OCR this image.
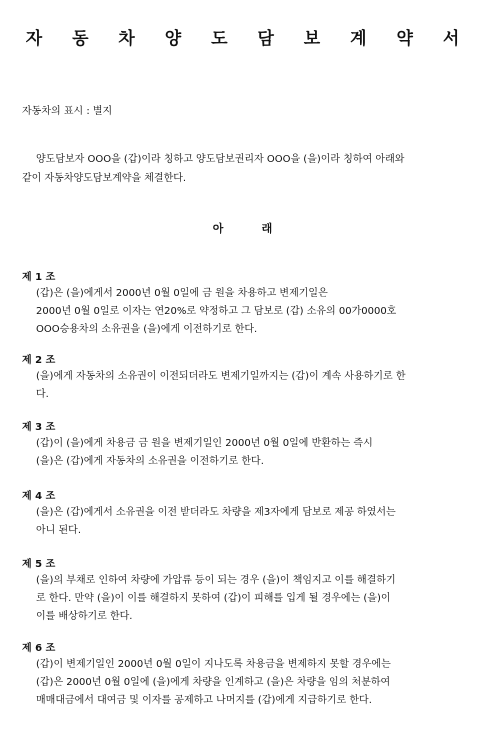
자 동 차 양 도 담 보 계 약 서
자동차의 표시 : 별지
양도담보자 OOO을 (갑)이라 칭하고 양도담보권리자 OOO을 (을)이라 칭하여 아래와
같이 자동차양도담보계약을 체결한다.
아          래
제 1 조
(갑)은 (을)에게서 2000년 0월 0일에 금 원을 차용하고 변제기일은
2000년 0월 0일로 이자는 연20%로 약정하고 그 담보로 (갑) 소유의 00가0000호
OOO승용차의 소유권을 (을)에게 이전하기로 한다.
제 2 조
(을)에게 자동차의 소유권이 이전되더라도 변제기일까지는 (갑)이 계속 사용하기로 한
다.
제 3 조
(갑)이 (을)에게 차용금 금 원을 변제기일인 2000년 0월 0일에 반환하는 즉시
(을)은 (갑)에게 자동차의 소유권을 이전하기로 한다.
제 4 조
(을)은 (갑)에게서 소유권을 이전 받더라도 차량을 제3자에게 담보로 제공 하였서는
아니 된다.
제 5 조
(을)의 부채로 인하여 차량에 가압류 등이 되는 경우 (을)이 책임지고 이를 해결하기
로 한다. 만약 (을)이 이를 해결하지 못하여 (갑)이 피해를 입게 될 경우에는 (을)이
이를 배상하기로 한다.
제 6 조
(갑)이 변제기일인 2000년 0월 0일이 지나도록 차용금을 변제하지 못할 경우에는
(갑)은 2000년 0월 0일에 (을)에게 차량을 인계하고 (을)은 차량을 임의 처분하여
매매대금에서 대여금 및 이자를 공제하고 나머지를 (갑)에게 지급하기로 한다.
